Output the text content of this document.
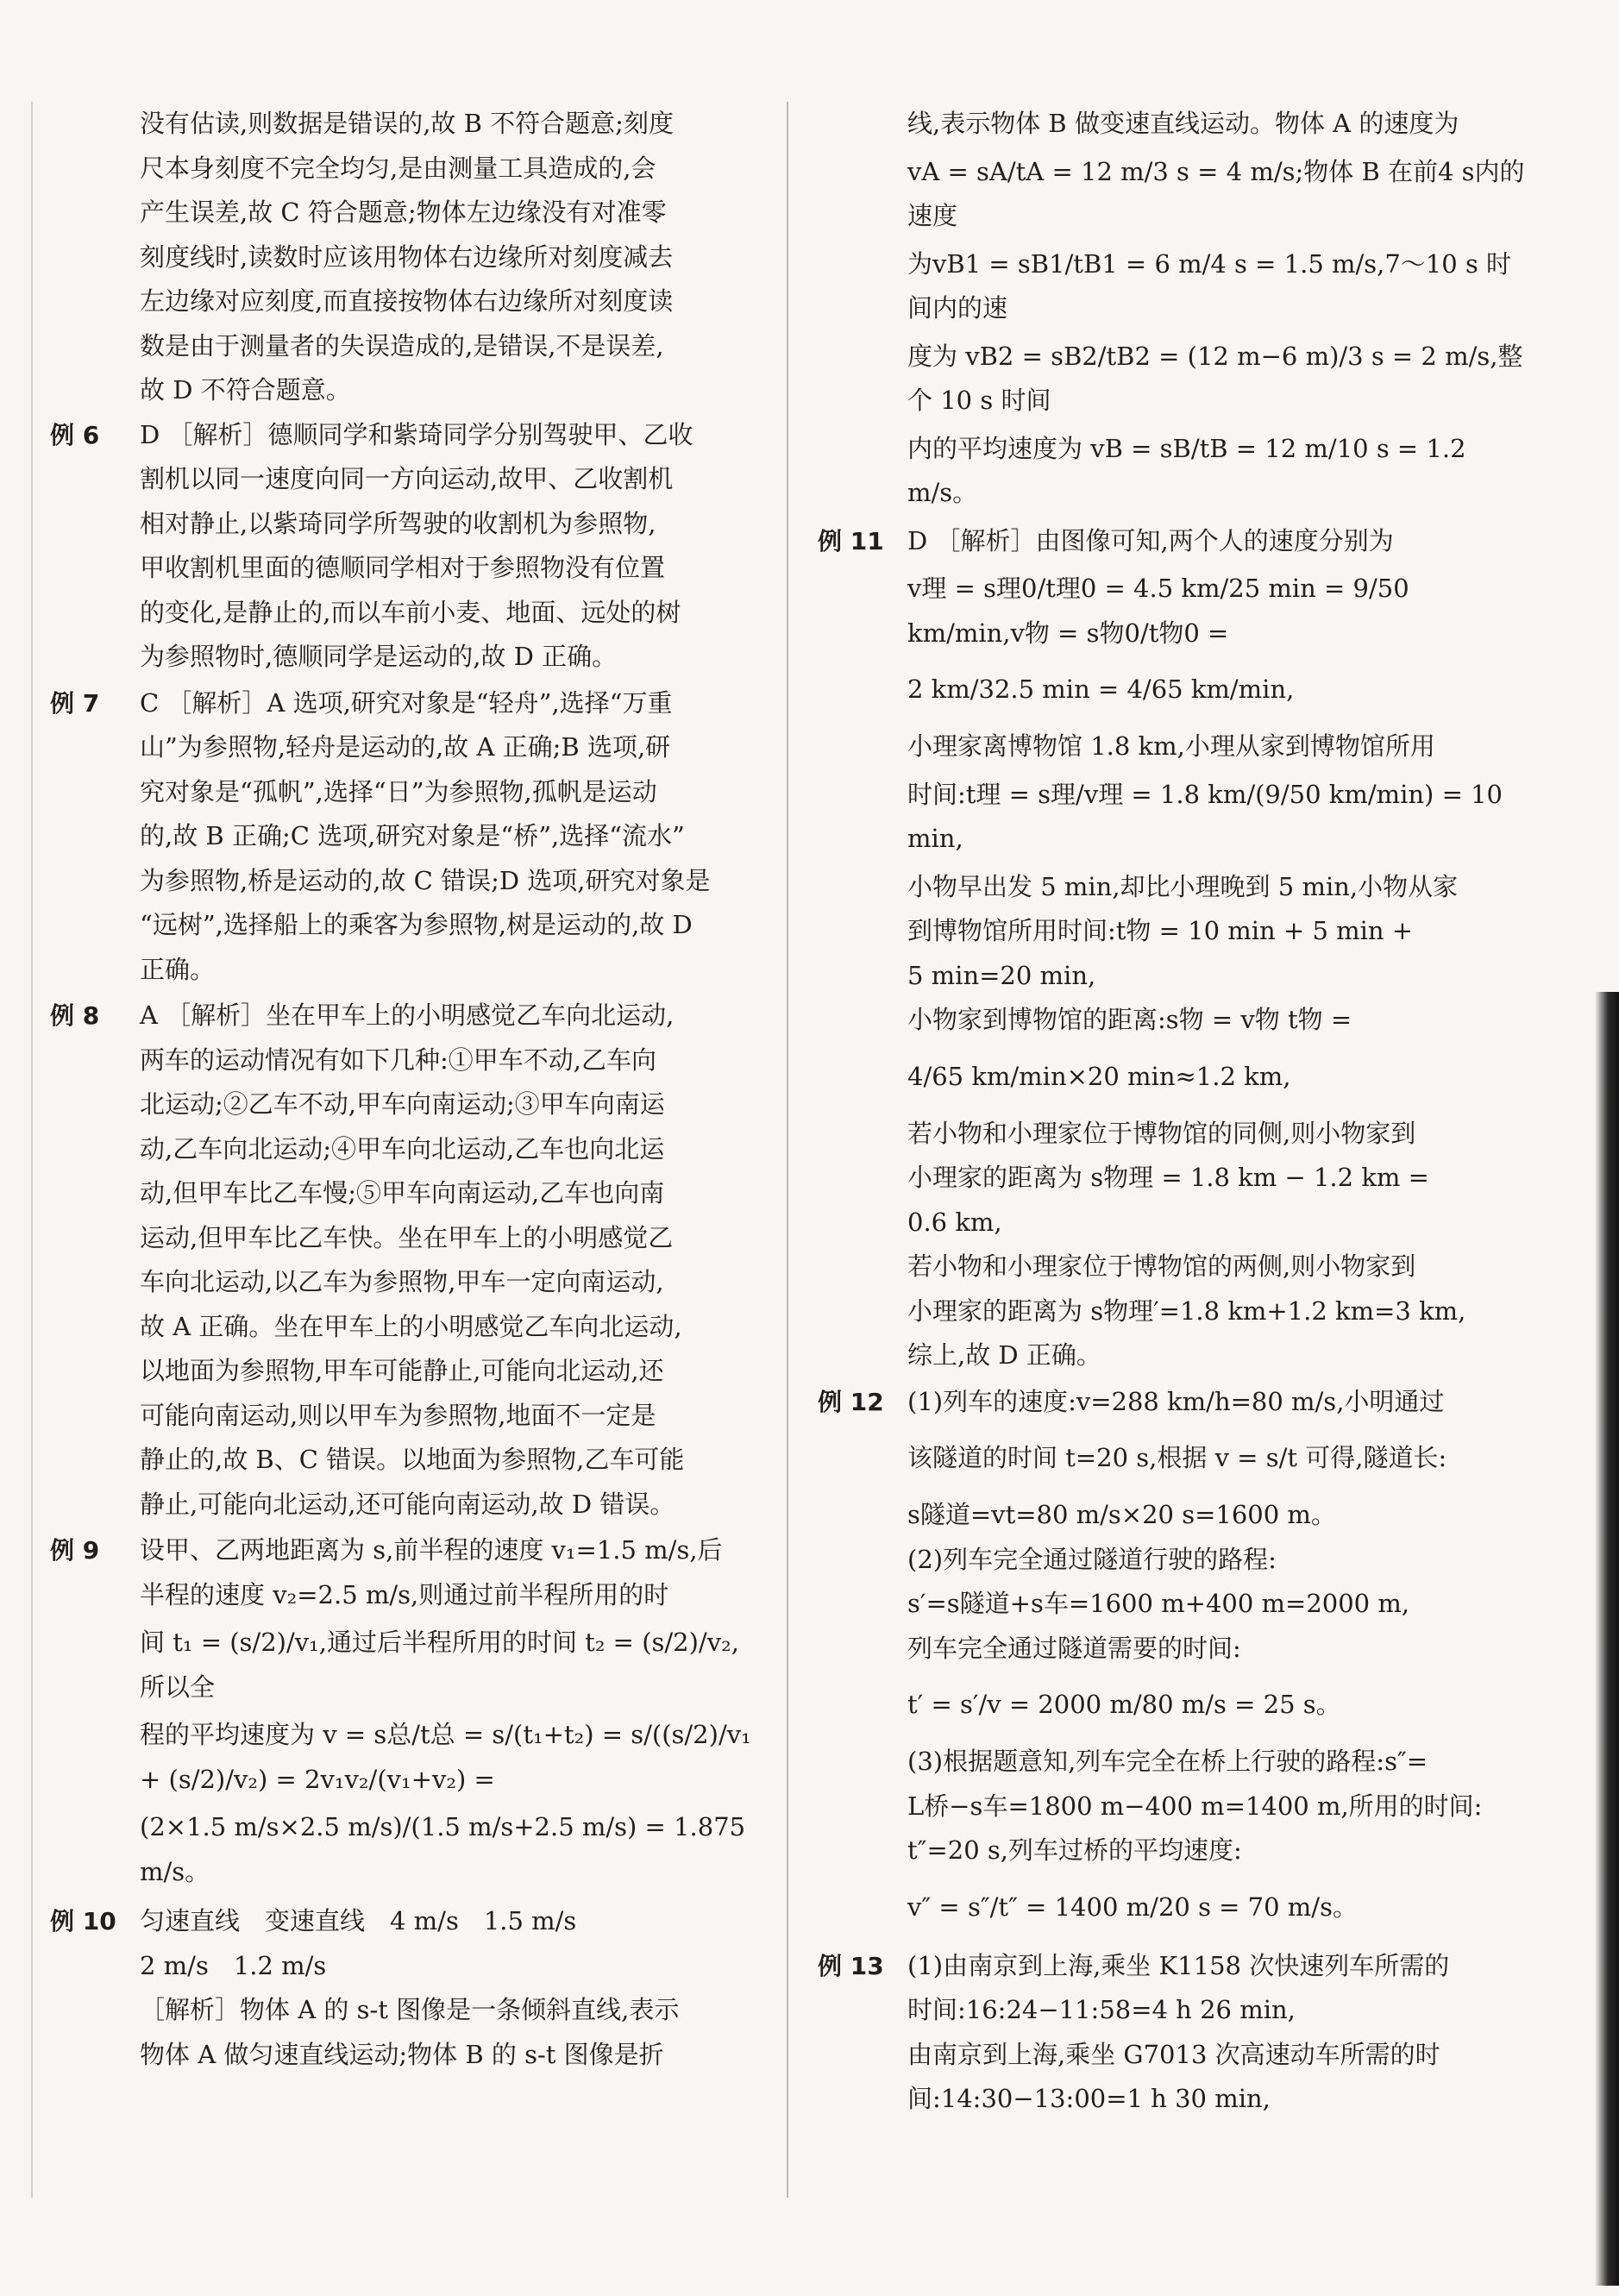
没有估读,则数据是错误的,故 B 不符合题意;刻度

尺本身刻度不完全均匀,是由测量工具造成的,会

产生误差,故 C 符合题意;物体左边缘没有对准零

刻度线时,读数时应该用物体右边缘所对刻度减去

左边缘对应刻度,而直接按物体右边缘所对刻度读

数是由于测量者的失误造成的,是错误,不是误差,

故 D 不符合题意。

例 6	D ［解析］德顺同学和紫琦同学分别驾驶甲、乙收

割机以同一速度向同一方向运动,故甲、乙收割机

相对静止,以紫琦同学所驾驶的收割机为参照物,

甲收割机里面的德顺同学相对于参照物没有位置

的变化,是静止的,而以车前小麦、地面、远处的树

为参照物时,德顺同学是运动的,故 D 正确。

例 7	C ［解析］A 选项,研究对象是“轻舟”,选择“万重

山”为参照物,轻舟是运动的,故 A 正确;B 选项,研

究对象是“孤帆”,选择“日”为参照物,孤帆是运动

的,故 B 正确;C 选项,研究对象是“桥”,选择“流水”

为参照物,桥是运动的,故 C 错误;D 选项,研究对象是

“远树”,选择船上的乘客为参照物,树是运动的,故 D

正确。

例 8	A ［解析］坐在甲车上的小明感觉乙车向北运动,

两车的运动情况有如下几种:①甲车不动,乙车向

北运动;②乙车不动,甲车向南运动;③甲车向南运

动,乙车向北运动;④甲车向北运动,乙车也向北运

动,但甲车比乙车慢;⑤甲车向南运动,乙车也向南

运动,但甲车比乙车快。坐在甲车上的小明感觉乙

车向北运动,以乙车为参照物,甲车一定向南运动,

故 A 正确。坐在甲车上的小明感觉乙车向北运动,

以地面为参照物,甲车可能静止,可能向北运动,还

可能向南运动,则以甲车为参照物,地面不一定是

静止的,故 B、C 错误。以地面为参照物,乙车可能

静止,可能向北运动,还可能向南运动,故 D 错误。

例 9	设甲、乙两地距离为 s,前半程的速度 v₁=1.5 m/s,后

半程的速度 v₂=2.5 m/s,则通过前半程所用的时

间 t₁ = (s/2)/v₁,通过后半程所用的时间 t₂ = (s/2)/v₂,所以全

程的平均速度为 v = s总/t总 = s/(t₁+t₂) = s/((s/2)/v₁ + (s/2)/v₂) = 2v₁v₂/(v₁+v₂) =

(2×1.5 m/s×2.5 m/s)/(1.5 m/s+2.5 m/s) = 1.875 m/s。

例 10 匀速直线　变速直线　4 m/s　1.5 m/s

2 m/s　1.2 m/s

［解析］物体 A 的 s-t 图像是一条倾斜直线,表示

物体 A 做匀速直线运动;物体 B 的 s-t 图像是折

线,表示物体 B 做变速直线运动。物体 A 的速度为

vA = sA/tA = 12 m/3 s = 4 m/s;物体 B 在前4 s内的速度

为vB1 = sB1/tB1 = 6 m/4 s = 1.5 m/s,7～10 s 时间内的速

度为 vB2 = sB2/tB2 = (12 m−6 m)/3 s = 2 m/s,整个 10 s 时间

内的平均速度为 vB = sB/tB = 12 m/10 s = 1.2 m/s。

例 11 D ［解析］由图像可知,两个人的速度分别为

v理 = s理0/t理0 = 4.5 km/25 min = 9/50 km/min,v物 = s物0/t物0 =

2 km/32.5 min = 4/65 km/min,

小理家离博物馆 1.8 km,小理从家到博物馆所用

时间:t理 = s理/v理 = 1.8 km/(9/50 km/min) = 10 min,

小物早出发 5 min,却比小理晚到 5 min,小物从家

到博物馆所用时间:t物 = 10 min + 5 min +

5 min=20 min,

小物家到博物馆的距离:s物 = v物 t物 =

4/65 km/min×20 min≈1.2 km,

若小物和小理家位于博物馆的同侧,则小物家到

小理家的距离为 s物理 = 1.8 km − 1.2 km =

0.6 km,

若小物和小理家位于博物馆的两侧,则小物家到

小理家的距离为 s物理′=1.8 km+1.2 km=3 km,

综上,故 D 正确。

例 12 (1)列车的速度:v=288 km/h=80 m/s,小明通过

该隧道的时间 t=20 s,根据 v = s/t 可得,隧道长:

s隧道=vt=80 m/s×20 s=1600 m。

(2)列车完全通过隧道行驶的路程:

s′=s隧道+s车=1600 m+400 m=2000 m,

列车完全通过隧道需要的时间:

t′ = s′/v = 2000 m/80 m/s = 25 s。

(3)根据题意知,列车完全在桥上行驶的路程:s″=

L桥−s车=1800 m−400 m=1400 m,所用的时间:

t″=20 s,列车过桥的平均速度:

v″ = s″/t″ = 1400 m/20 s = 70 m/s。

例 13 (1)由南京到上海,乘坐 K1158 次快速列车所需的

时间:16:24−11:58=4 h 26 min,

由南京到上海,乘坐 G7013 次高速动车所需的时

间:14:30−13:00=1 h 30 min,
